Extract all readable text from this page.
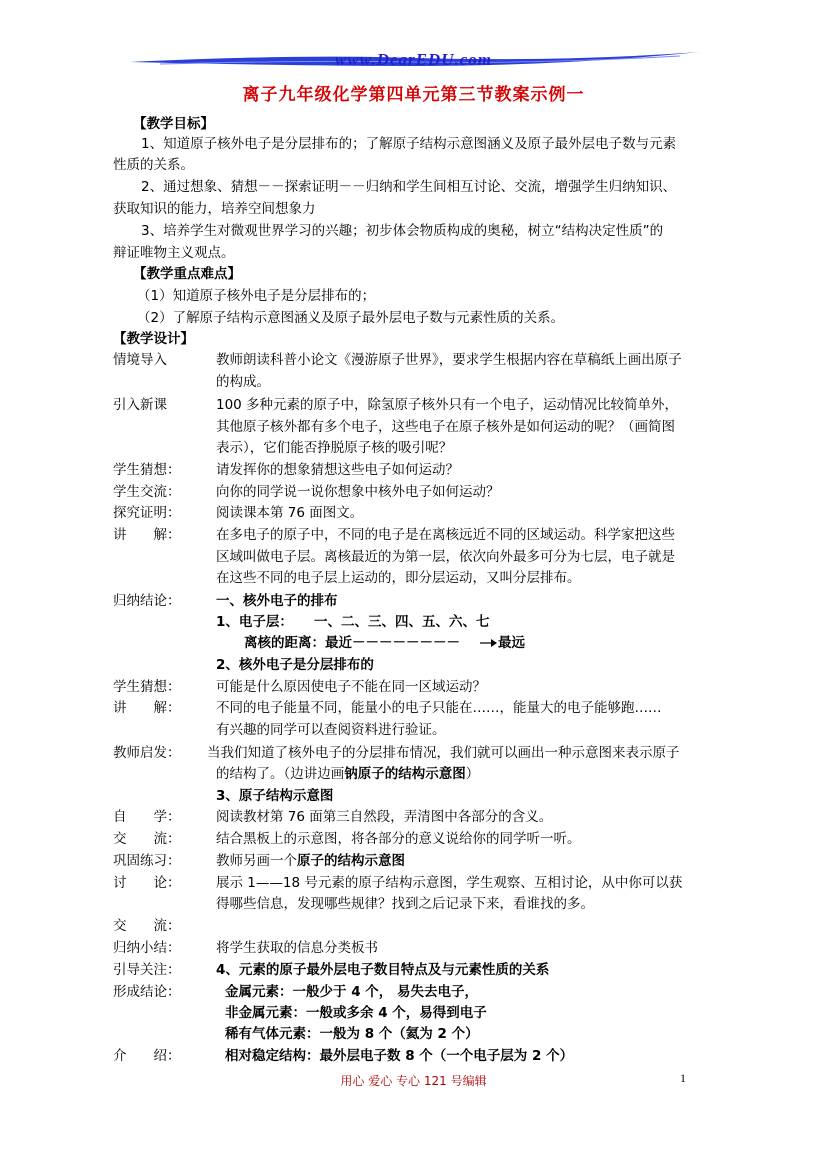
www.DearEDU.com
离子九年级化学第四单元第三节教案示例一
【教学目标】
1、知道原子核外电子是分层排布的；了解原子结构示意图涵义及原子最外层电子数与元素
性质的关系。
2、通过想象、猜想－－探索证明－－归纳和学生间相互讨论、交流，增强学生归纳知识、
获取知识的能力，培养空间想象力
3、培养学生对微观世界学习的兴趣；初步体会物质构成的奥秘，树立“结构决定性质”的
辩证唯物主义观点。
【教学重点难点】
（1）知道原子核外电子是分层排布的；
（2）了解原子结构示意图涵义及原子最外层电子数与元素性质的关系。
【教学设计】
情境导入	教师朗读科普小论文《漫游原子世界》，要求学生根据内容在草稿纸上画出原子
的构成。
引入新课	100 多种元素的原子中，除氢原子核外只有一个电子，运动情况比较简单外，
其他原子核外都有多个电子，这些电子在原子核外是如何运动的呢？（画简图
表示），它们能否挣脱原子核的吸引呢？
学生猜想：	请发挥你的想象猜想这些电子如何运动？
学生交流：	向你的同学说一说你想象中核外电子如何运动？
探究证明：	阅读课本第 76 面图文。
讲　　解：	在多电子的原子中，不同的电子是在离核远近不同的区域运动。科学家把这些
区域叫做电子层。离核最近的为第一层，依次向外最多可分为七层，电子就是
在这些不同的电子层上运动的，即分层运动，又叫分层排布。
归纳结论：	一、核外电子的排布
1、电子层： 一、二、三、四、五、六、七
离核的距离：最近－－－－－－－－	最远
2、核外电子是分层排布的
学生猜想：	可能是什么原因使电子不能在同一区域运动？
讲　　解：	不同的电子能量不同，能量小的电子只能在……，能量大的电子能够跑……
有兴趣的同学可以查阅资料进行验证。
教师启发： 当我们知道了核外电子的分层排布情况，我们就可以画出一种示意图来表示原子
的结构了。（边讲边画钠原子的结构示意图）
3、原子结构示意图
自　　学：	阅读教材第 76 面第三自然段，弄清图中各部分的含义。
交　　流：	结合黑板上的示意图，将各部分的意义说给你的同学听一听。
巩固练习：	教师另画一个原子的结构示意图
讨　　论：	展示 1——18 号元素的原子结构示意图，学生观察、互相讨论，从中你可以获
得哪些信息，发现哪些规律？找到之后记录下来，看谁找的多。
交　　流：
归纳小结：	将学生获取的信息分类板书
引导关注：	4、元素的原子最外层电子数目特点及与元素性质的关系
形成结论：	金属元素：一般少于 4 个， 易失去电子，
非金属元素：一般或多余 4 个，易得到电子
稀有气体元素：一般为 8 个（氦为 2 个）
介　　绍：	相对稳定结构：最外层电子数 8 个（一个电子层为 2 个）
用心 爱心 专心 121 号编辑	1
